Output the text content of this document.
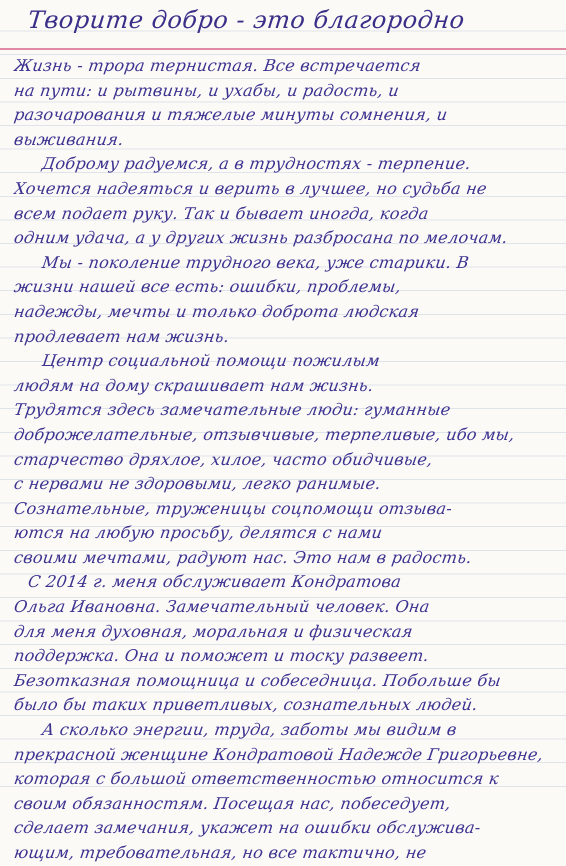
Творите добро - это благородно
Жизнь - трора тернистая. Все встречается
на пути: и рытвины, и ухабы, и радость, и
разочарования и тяжелые минуты сомнения, и
выживания.
Доброму радуемся, а в трудностях - терпение.
Хочется надеяться и верить в лучшее, но судьба не
всем подает руку. Так и бывает иногда, когда
одним удача, а у других жизнь разбросана по мелочам.
Мы - поколение трудного века, уже старики. В
жизни нашей все есть: ошибки, проблемы,
надежды, мечты и только доброта людская
продлевает нам жизнь.
Центр социальной помощи пожилым
людям на дому скрашивает нам жизнь.
Трудятся здесь замечательные люди: гуманные
доброжелательные, отзывчивые, терпеливые, ибо мы,
старчество дряхлое, хилое, часто обидчивые,
с нервами не здоровыми, легко ранимые.
Сознательные, труженицы соцпомощи отзыва-
ются на любую просьбу, делятся с нами
своими мечтами, радуют нас. Это нам в радость.
С 2014 г. меня обслуживает Кондратова
Ольга Ивановна. Замечательный человек. Она
для меня духовная, моральная и физическая
поддержка. Она и поможет и тоску развеет.
Безотказная помощница и собеседница. Побольше бы
было бы таких приветливых, сознательных людей.
А сколько энергии, труда, заботы мы видим в
прекрасной женщине Кондратовой Надежде Григорьевне,
которая с большой ответственностью относится к
своим обязанностям. Посещая нас, побеседует,
сделает замечания, укажет на ошибки обслужива-
ющим, требовательная, но все тактично, не
